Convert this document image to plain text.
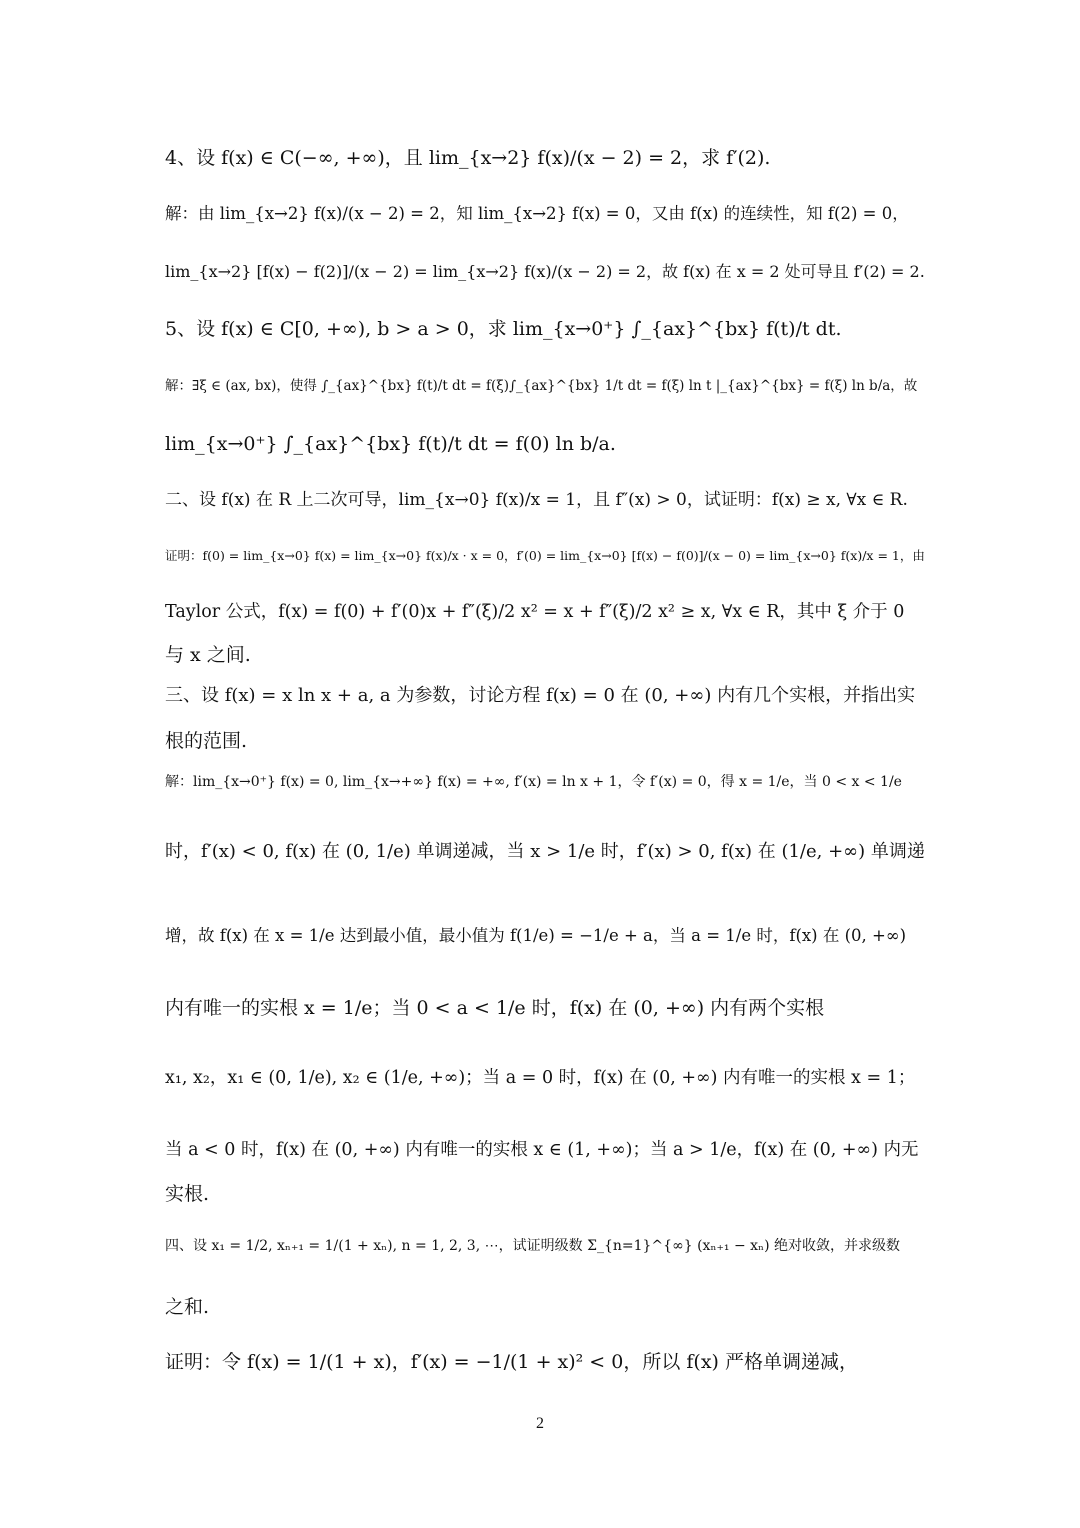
4、设 f(x) ∈ C(−∞, +∞)，且 lim_{x→2} f(x)/(x − 2) = 2，求 f′(2).
解：由 lim_{x→2} f(x)/(x − 2) = 2，知 lim_{x→2} f(x) = 0，又由 f(x) 的连续性，知 f(2) = 0，
lim_{x→2} [f(x) − f(2)]/(x − 2) = lim_{x→2} f(x)/(x − 2) = 2，故 f(x) 在 x = 2 处可导且 f′(2) = 2.
5、设 f(x) ∈ C[0, +∞), b > a > 0，求 lim_{x→0⁺} ∫_{ax}^{bx} f(t)/t dt.
解：∃ξ ∈ (ax, bx)，使得 ∫_{ax}^{bx} f(t)/t dt = f(ξ)∫_{ax}^{bx} 1/t dt = f(ξ) ln t |_{ax}^{bx} = f(ξ) ln b/a，故
lim_{x→0⁺} ∫_{ax}^{bx} f(t)/t dt = f(0) ln b/a.
二、设 f(x) 在 R 上二次可导，lim_{x→0} f(x)/x = 1，且 f″(x) > 0，试证明：f(x) ≥ x, ∀x ∈ R.
证明：f(0) = lim_{x→0} f(x) = lim_{x→0} f(x)/x · x = 0，f′(0) = lim_{x→0} [f(x) − f(0)]/(x − 0) = lim_{x→0} f(x)/x = 1，由
Taylor 公式，f(x) = f(0) + f′(0)x + f″(ξ)/2 x² = x + f″(ξ)/2 x² ≥ x, ∀x ∈ R，其中 ξ 介于 0
与 x 之间.
三、设 f(x) = x ln x + a, a 为参数，讨论方程 f(x) = 0 在 (0, +∞) 内有几个实根，并指出实
根的范围.
解：lim_{x→0⁺} f(x) = 0, lim_{x→+∞} f(x) = +∞, f′(x) = ln x + 1，令 f′(x) = 0，得 x = 1/e，当 0 < x < 1/e
时，f′(x) < 0, f(x) 在 (0, 1/e) 单调递减，当 x > 1/e 时，f′(x) > 0, f(x) 在 (1/e, +∞) 单调递
增，故 f(x) 在 x = 1/e 达到最小值，最小值为 f(1/e) = −1/e + a，当 a = 1/e 时，f(x) 在 (0, +∞)
内有唯一的实根 x = 1/e；当 0 < a < 1/e 时，f(x) 在 (0, +∞) 内有两个实根
x₁, x₂，x₁ ∈ (0, 1/e), x₂ ∈ (1/e, +∞)；当 a = 0 时，f(x) 在 (0, +∞) 内有唯一的实根 x = 1；
当 a < 0 时，f(x) 在 (0, +∞) 内有唯一的实根 x ∈ (1, +∞)；当 a > 1/e，f(x) 在 (0, +∞) 内无
实根.
四、设 x₁ = 1/2, xₙ₊₁ = 1/(1 + xₙ), n = 1, 2, 3, ⋯，试证明级数 Σ_{n=1}^{∞} (xₙ₊₁ − xₙ) 绝对收敛，并求级数
之和.
证明：令 f(x) = 1/(1 + x)，f′(x) = −1/(1 + x)² < 0，所以 f(x) 严格单调递减，
2
